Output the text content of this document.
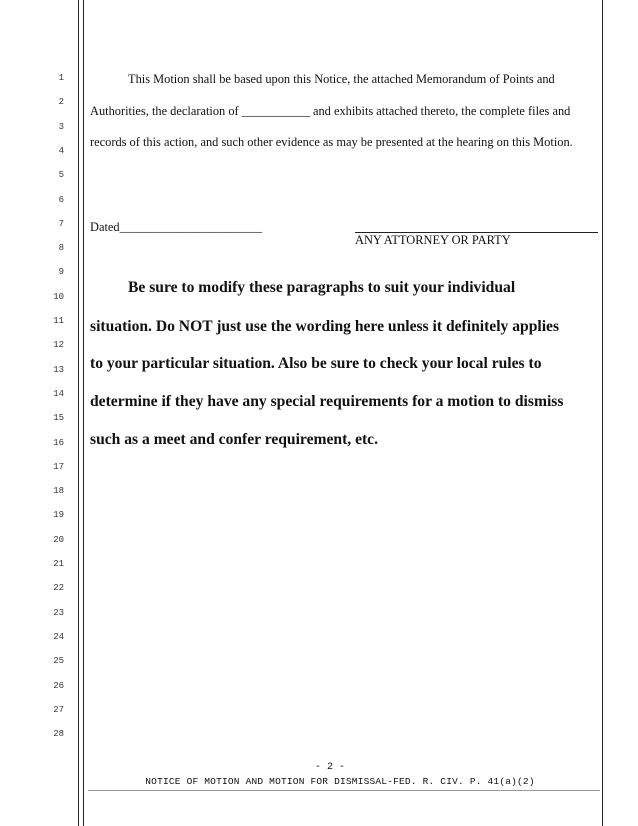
1
2
3
4
5
6
7
8
9
10
11
12
13
14
15
16
17
18
19
20
21
22
23
24
25
26
27
28
This Motion shall be based upon this Notice, the attached Memorandum of Points and
Authorities, the declaration of ___________ and exhibits attached thereto, the complete files and
records of this action, and such other evidence as may be presented at the hearing on this Motion.
Dated_______________________
ANY ATTORNEY OR PARTY
Be sure to modify these paragraphs to suit your individual
situation. Do NOT just use the wording here unless it definitely applies
to your particular situation. Also be sure to check your local rules to
determine if they have any special requirements for a motion to dismiss
such as a meet and confer requirement, etc.
- 2 -
NOTICE OF MOTION AND MOTION FOR DISMISSAL-FED. R. CIV. P. 41(a)(2)
